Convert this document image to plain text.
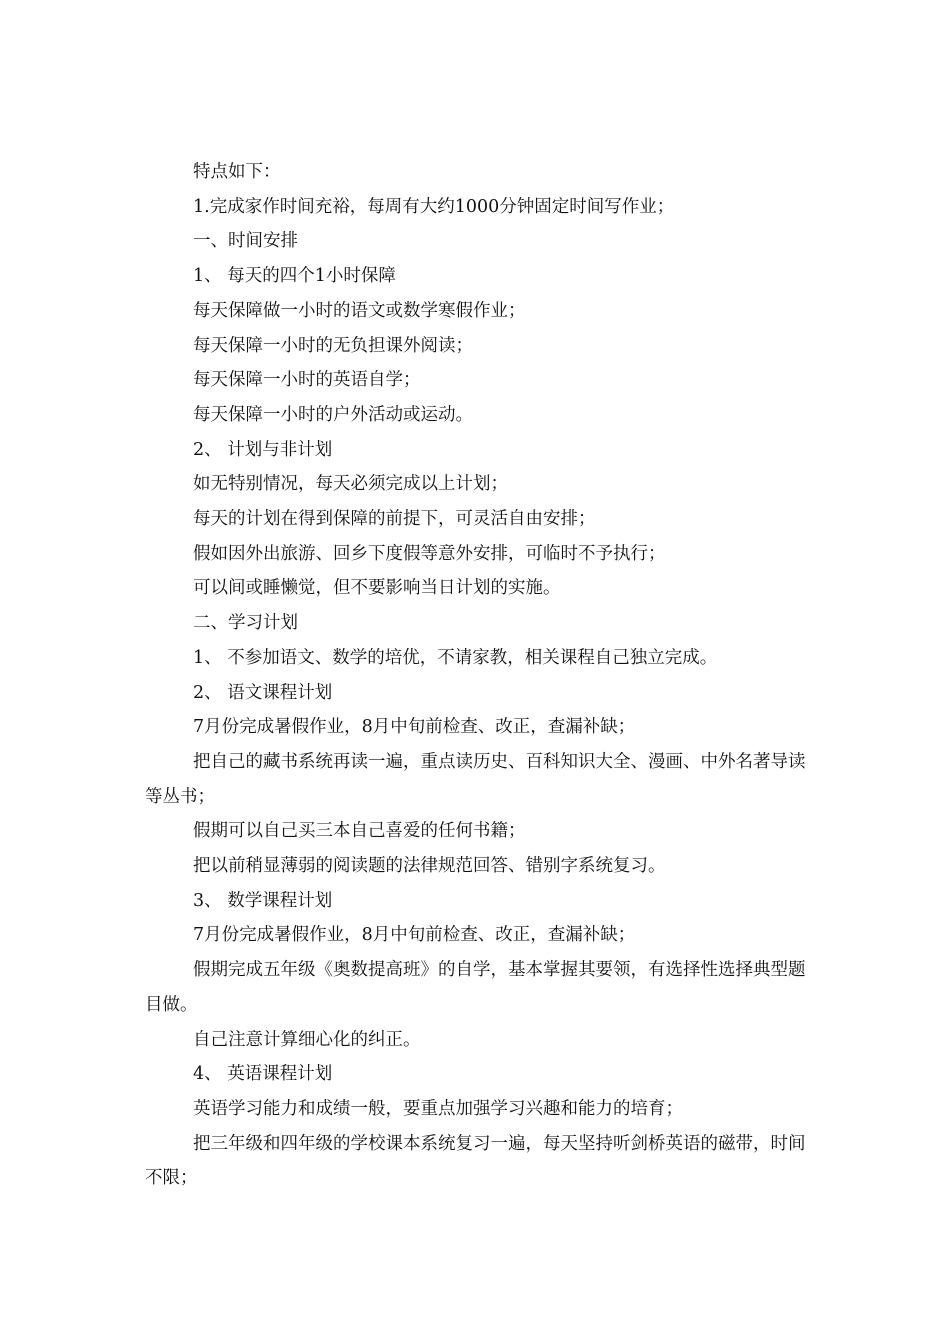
特点如下：

1.完成家作时间充裕，每周有大约1000分钟固定时间写作业；

一、时间安排

1、 每天的四个1小时保障

每天保障做一小时的语文或数学寒假作业；

每天保障一小时的无负担课外阅读；

每天保障一小时的英语自学；

每天保障一小时的户外活动或运动。

2、 计划与非计划

如无特别情况，每天必须完成以上计划；

每天的计划在得到保障的前提下，可灵活自由安排；

假如因外出旅游、回乡下度假等意外安排，可临时不予执行；

可以间或睡懒觉，但不要影响当日计划的实施。

二、学习计划

1、 不参加语文、数学的培优，不请家教，相关课程自己独立完成。

2、 语文课程计划

7月份完成暑假作业，8月中旬前检查、改正，查漏补缺；

把自己的藏书系统再读一遍，重点读历史、百科知识大全、漫画、中外名著导读等丛书；

假期可以自己买三本自己喜爱的任何书籍；

把以前稍显薄弱的阅读题的法律规范回答、错别字系统复习。

3、 数学课程计划

7月份完成暑假作业，8月中旬前检查、改正，查漏补缺；

假期完成五年级《奥数提高班》的自学，基本掌握其要领，有选择性选择典型题目做。

自己注意计算细心化的纠正。

4、 英语课程计划

英语学习能力和成绩一般，要重点加强学习兴趣和能力的培育；

把三年级和四年级的学校课本系统复习一遍，每天坚持听剑桥英语的磁带，时间不限；
